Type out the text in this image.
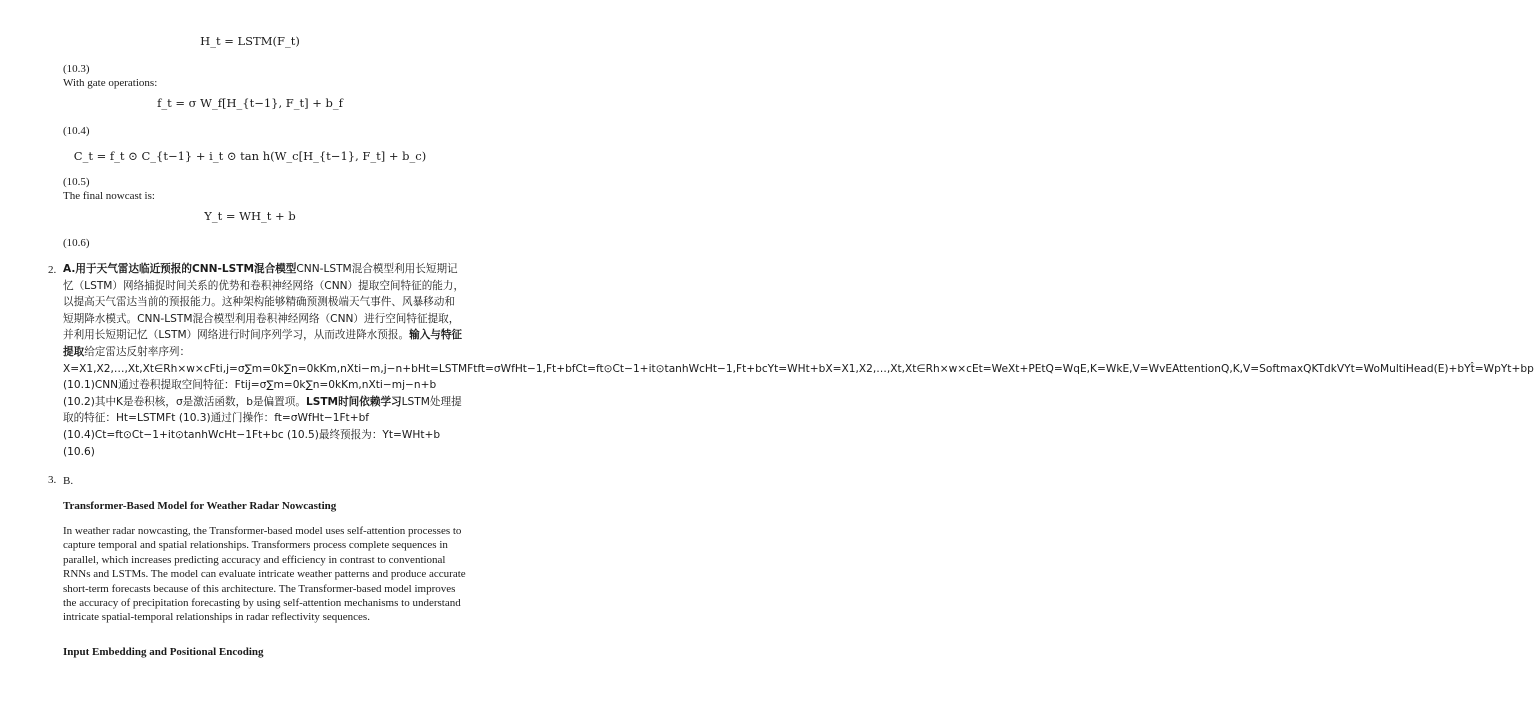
H_t = LSTM(F_t)
(10.3)
With gate operations:
f_t = σ W_f[H_{t−1}, F_t] + b_f
(10.4)
C_t = f_t ⊙ C_{t−1} + i_t ⊙ tan h(W_c[H_{t−1}, F_t] + b_c)
(10.5)
The final nowcast is:
Y_t = WH_t + b
(10.6)
2. A.用于天气雷达临近预报的CNN-LSTM混合模型CNN-LSTM混合模型利用长短期记忆（LSTM）网络捕捉时间关系的优势和卷积神经网络（CNN）提取空间特征的能力，以提高天气雷达当前的预报能力。这种架构能够精确预测极端天气事件、风暴移动和短期降水模式。CNN-LSTM混合模型利用卷积神经网络（CNN）进行空间特征提取，并利用长短期记忆（LSTM）网络进行时间序列学习，从而改进降水预报。输入与特征提取给定雷达反射率序列：X=X1,X2,…,Xt,Xt∈Rh×w×cFti,j=σ∑m=0k∑n=0kKm,nXti−m,j−n+bHt=LSTMFtft=σWfHt−1,Ft+bfCt=ft⊙Ct−1+it⊙tanhWcHt−1,Ft+bcYt=WHt+bX=X1,X2,…,Xt,Xt∈Rh×w×cEt=WeXt+PEtQ=WqE,K=WkE,V=WvEAttentionQ,K,V=SoftmaxQKTdkVYt=WoMultiHead(E)+bYt̂=WpYt+bp (10.1)CNN通过卷积提取空间特征：Ftij=σ∑m=0k∑n=0kKm,nXti−mj−n+b (10.2)其中K是卷积核，σ是激活函数，b是偏置项。LSTM时间依赖学习LSTM处理提取的特征：Ht=LSTMFt (10.3)通过门操作：ft=σWfHt−1Ft+bf (10.4)Ct=ft⊙Ct−1+it⊙tanhWcHt−1Ft+bc (10.5)最终预报为：Yt=WHt+b (10.6)
3. B.
Transformer-Based Model for Weather Radar Nowcasting
In weather radar nowcasting, the Transformer-based model uses self-attention processes to capture temporal and spatial relationships. Transformers process complete sequences in parallel, which increases predicting accuracy and efficiency in contrast to conventional RNNs and LSTMs. The model can evaluate intricate weather patterns and produce accurate short-term forecasts because of this architecture. The Transformer-based model improves the accuracy of precipitation forecasting by using self-attention mechanisms to understand intricate spatial-temporal relationships in radar reflectivity sequences.
Input Embedding and Positional Encoding
